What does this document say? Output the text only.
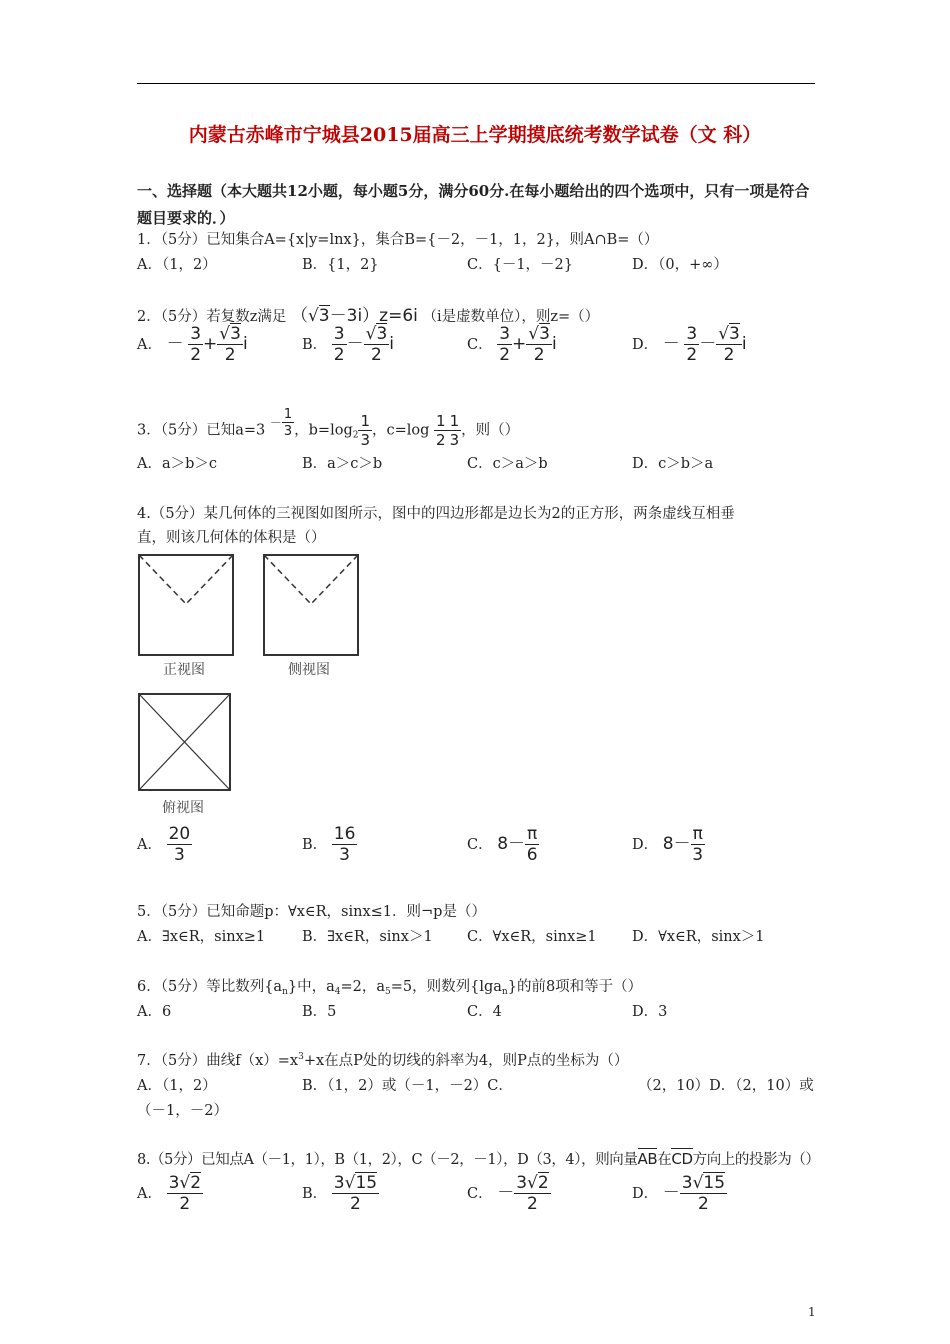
内蒙古赤峰市宁城县2015届高三上学期摸底统考数学试卷（文 科）
一、选择题（本大题共12小题，每小题5分，满分60分.在每小题给出的四个选项中，只有一项是符合题目要求的．）
1．（5分）已知集合A={x|y=lnx}，集合B={－2，－1，1，2}，则A∩B=（）
A．（1，2）	B．{1，2}	C．{－1，－2}	D．（0，+∞）
2．（5分）若复数z满足 （√3－3i）z=6i （i是虚数单位），则z=（）
A． － $\frac{3}{2} + \frac{√3}{2}$ i	B． $\frac{3}{2} - \frac{√3}{2}$ i	C． $\frac{3}{2} + \frac{√3}{2}$ i	D． － $\frac{3}{2} - \frac{√3}{2}$ i
3．（5分）已知$a=3 - \frac{1}{3}$ ，$b=\log_2 \frac{1}{3}$ ，$c=\log \frac{1}{2} \frac{1}{3}$ ，则（）
A．a＞b＞c	B．a＞c＞b	C．c＞a＞b	D．c＞b＞a
4.（5分）某几何体的三视图如图所示，图中的四边形都是边长为2的正方形，两条虚线互相垂
直，则该几何体的体积是（）
正视图	侧视图
俯视图
A． $\frac{20}{3}$	B． $\frac{16}{3}$	C． $8- \frac{\pi}{6}$	D． $8- \frac{\pi}{3}$
5．（5分）已知命题p：∀x∈R，sinx≤1．则¬p是（）
A．∃x∈R，sinx≥1	B．∃x∈R，sinx＞1 C．∀x∈R，sinx≥1 D．∀x∈R，sinx＞1
6．（5分）等比数列$\{a_n\}$中，$a_4=2$，$a_5=5$，则数列{lga$_n$}的前8项和等于（）
A．6	B．5	C．4	D．3
7．（5分）曲线$f(x)=x^3+x$在点P处的切线的斜率为4，则P点的坐标为（）
A．（1，2）	B．（1，2）或（－1，－2）C．	（2，10）D．（2，10）或
（－1，－2）
8.（5分）已知点A（－1，1），B（1，2），C（－2，－1），D（3，4），则向量AB在CD方向上的投影为（）
A． $\frac{3√2}{2}$	B． $\frac{3√15}{2}$	C． － $\frac{3√2}{2}$	D． － $\frac{3√15}{2}$
1
